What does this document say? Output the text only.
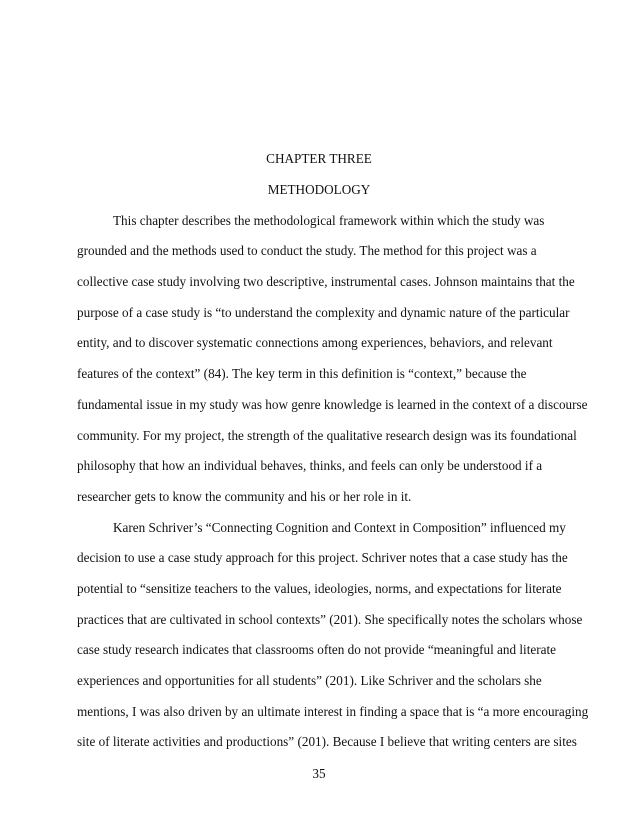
CHAPTER THREE
METHODOLOGY
This chapter describes the methodological framework within which the study was
grounded and the methods used to conduct the study. The method for this project was a
collective case study involving two descriptive, instrumental cases. Johnson maintains that the
purpose of a case study is “to understand the complexity and dynamic nature of the particular
entity, and to discover systematic connections among experiences, behaviors, and relevant
features of the context” (84). The key term in this definition is “context,” because the
fundamental issue in my study was how genre knowledge is learned in the context of a discourse
community. For my project, the strength of the qualitative research design was its foundational
philosophy that how an individual behaves, thinks, and feels can only be understood if a
researcher gets to know the community and his or her role in it.
Karen Schriver’s “Connecting Cognition and Context in Composition” influenced my
decision to use a case study approach for this project. Schriver notes that a case study has the
potential to “sensitize teachers to the values, ideologies, norms, and expectations for literate
practices that are cultivated in school contexts” (201). She specifically notes the scholars whose
case study research indicates that classrooms often do not provide “meaningful and literate
experiences and opportunities for all students” (201). Like Schriver and the scholars she
mentions, I was also driven by an ultimate interest in finding a space that is “a more encouraging
site of literate activities and productions” (201). Because I believe that writing centers are sites
35
